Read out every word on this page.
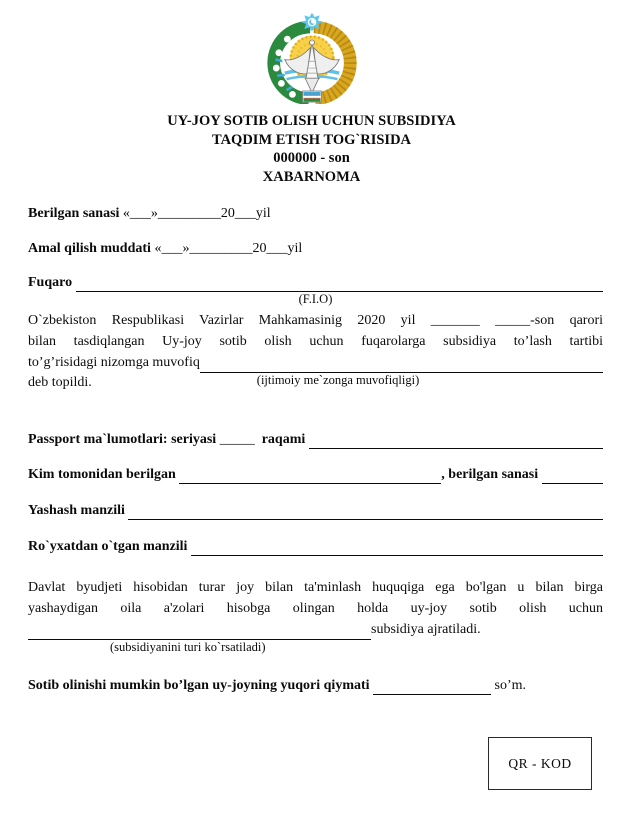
UY-JOY SOTIB OLISH UCHUN SUBSIDIYA
TAQDIM ETISH TOG`RISIDA
000000 - son
XABARNOMA
Berilgan sanasi
«___»_________20___yil
Amal qilish muddati
«___»_________20___yil
Fuqaro

(F.I.O)
O`zbekiston Respublikasi Vazirlar Mahkamasinig 2020 yil _______ _____-son qarori
bilan tasdiqlangan Uy-joy sotib olish uchun fuqarolarga subsidiya to’lash tartibi
to’g’risidagi nizomga muvofiq
deb topildi.	(ijtimoiy me`zonga muvofiqligi)
Passport ma`lumotlari: seriyasi
_____
raqami

Kim tomonidan berilgan
	, berilgan sanasi

Yashash manzili

Ro`yxatdan o`tgan manzili

Davlat byudjeti hisobidan turar joy bilan ta'minlash huquqiga ega bo'lgan u bilan birga
yashaydigan oila a'zolari hisobga olingan holda uy-joy sotib olish uchun
subsidiya ajratiladi.
(subsidiyanini turi ko`rsatiladi)
Sotib olinishi mumkin bo’lgan uy-joyning yuqori qiymati

	so’m.
QR - KOD
